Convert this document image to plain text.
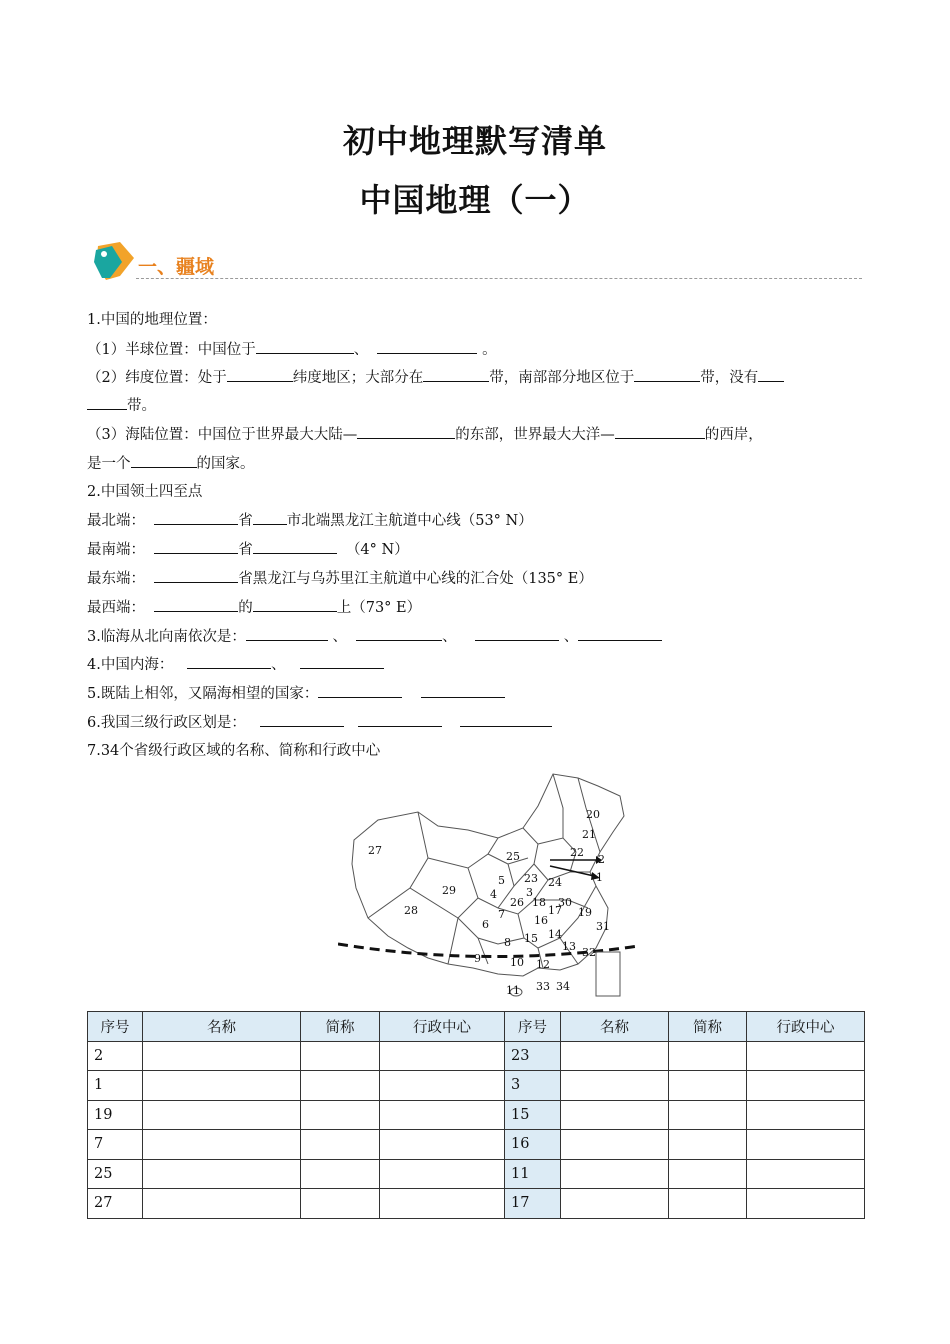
初中地理默写清单
中国地理（一）
一、疆域
1.中国的地理位置：
（1）半球位置：中国位于	、	。
（2）纬度位置：处于	纬度地区；大部分在	带，南部部分地区位于	带，没有
带。
（3）海陆位置：中国位于世界最大大陆—	的东部，世界最大大洋—	的西岸，
是一个	的国家。
2.中国领土四至点
最北端：	省 市北端黑龙江主航道中心线（53° N）
最南端：	省	（4° N）
最东端：	省黑龙江与乌苏里江主航道中心线的汇合处（135° E）
最西端：	的	上（73° E）
3.临海从北向南依次是：	、	、	、
4.中国内海：	、
5.既陆上相邻，又隔海相望的国家：
6.我国三级行政区划是：
7.34个省级行政区域的名称、简称和行政中心
20
21
22
2
1
27	25
23 24
29	4
26 18 30
28
6	16
17 19
31
8 15 14
13
9	10 12
33 34
32
11
3
5
7
序号	名称	简称	行政中心	序号	名称	简称	行政中心
2				23			
1				3			
19				15			
7				16			
25				11			
27				17			
